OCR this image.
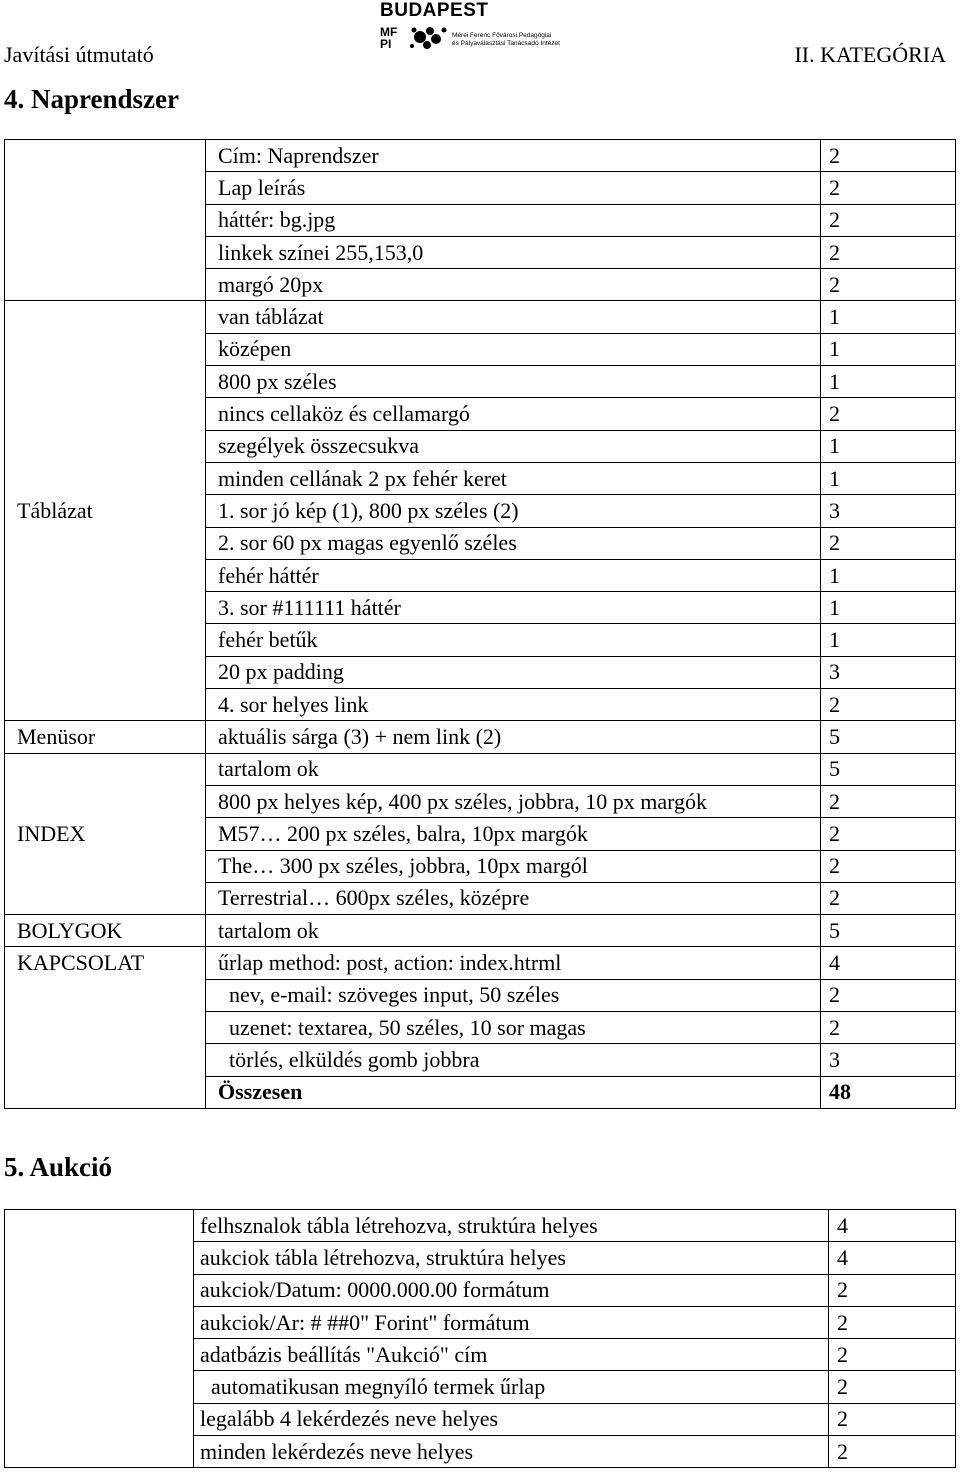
Javítási útmutató	II. KATEGÓRIA
BUDAPEST
MF
PI
Mérei Ferenc Fővárosi Pedagógiai
és Pályaválasztási Tanácsadó Intézet
4. Naprendszer
	Cím: Naprendszer	2
	Lap leírás	2
	háttér: bg.jpg	2
	linkek színei 255,153,0	2
	margó 20px	2
	van táblázat	1
	középen	1
	800 px széles	1
	nincs cellaköz és cellamargó	2
	szegélyek összecsukva	1
	minden cellának 2 px fehér keret	1
Táblázat	1. sor jó kép (1), 800 px széles (2)	3
	2. sor 60 px magas egyenlő széles	2
	fehér háttér	1
	3. sor #111111 háttér	1
	fehér betűk	1
	20 px padding	3
	4. sor helyes link	2
Menüsor	aktuális sárga (3) + nem link (2)	5
	tartalom ok	5
	800 px helyes kép, 400 px széles, jobbra, 10 px margók	2
INDEX	M57… 200 px széles, balra, 10px margók	2
	The… 300 px széles, jobbra, 10px margól	2
	Terrestrial… 600px széles, középre	2
BOLYGOK	tartalom ok	5
KAPCSOLAT	űrlap method: post, action: index.htrml	4
	nev, e-mail: szöveges input, 50 széles	2
	uzenet: textarea, 50 széles, 10 sor magas	2
	törlés, elküldés gomb jobbra	3
	Összesen	48
5. Aukció
	felhsznalok tábla létrehozva, struktúra helyes	4
	aukciok tábla létrehozva, struktúra helyes	4
	aukciok/Datum: 0000.000.00 formátum	2
	aukciok/Ar: # ##0" Forint" formátum	2
	adatbázis beállítás "Aukció" cím	2
	automatikusan megnyíló termek űrlap	2
	legalább 4 lekérdezés neve helyes	2
	minden lekérdezés neve helyes	2
